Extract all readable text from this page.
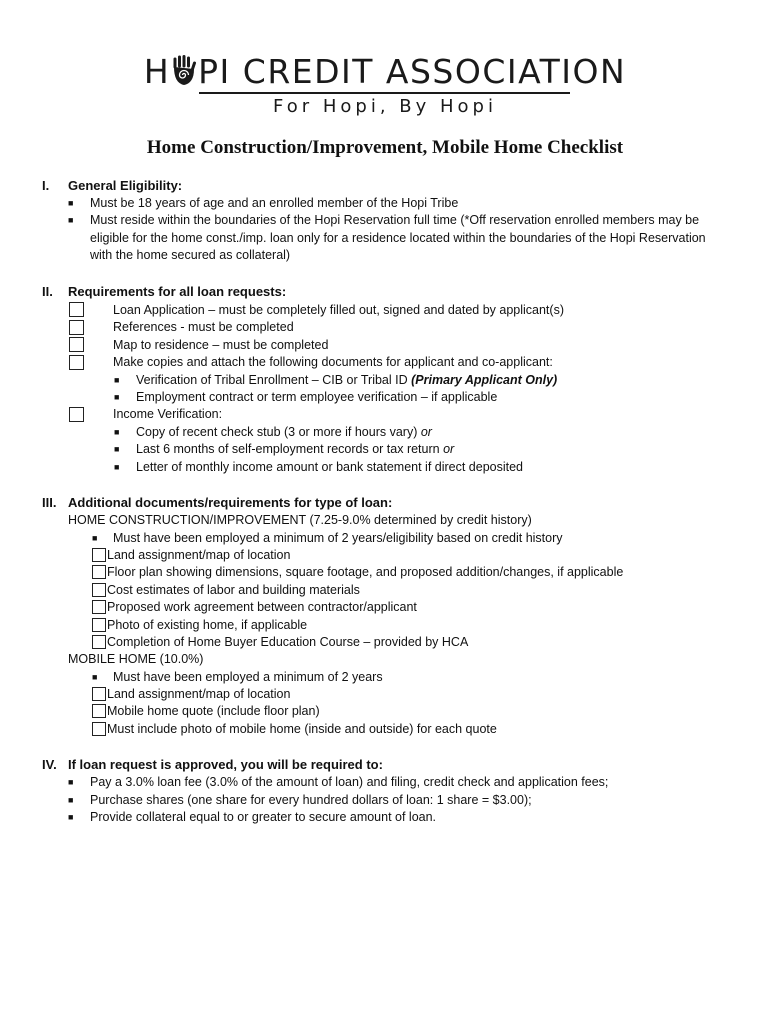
H PI CREDIT ASSOCIATION
For Hopi, By Hopi
Home Construction/Improvement, Mobile Home Checklist
I.	General Eligibility:
■	Must be 18 years of age and an enrolled member of the Hopi Tribe
■	Must reside within the boundaries of the Hopi Reservation full time (*Off reservation enrolled members may be
eligible for the home const./imp. loan only for a residence located within the boundaries of the Hopi Reservation
with the home secured as collateral)
II.	Requirements for all loan requests:
Loan Application – must be completely filled out, signed and dated by applicant(s)
References - must be completed
Map to residence – must be completed
Make copies and attach the following documents for applicant and co-applicant:
■	Verification of Tribal Enrollment – CIB or Tribal ID (Primary Applicant Only)
■	Employment contract or term employee verification – if applicable
Income Verification:
■	Copy of recent check stub (3 or more if hours vary) or
■	Last 6 months of self-employment records or tax return or
■	Letter of monthly income amount or bank statement if direct deposited
III. Additional documents/requirements for type of loan:
HOME CONSTRUCTION/IMPROVEMENT (7.25-9.0% determined by credit history)
■	Must have been employed a minimum of 2 years/eligibility based on credit history
Land assignment/map of location
Floor plan showing dimensions, square footage, and proposed addition/changes, if applicable
Cost estimates of labor and building materials
Proposed work agreement between contractor/applicant
Photo of existing home, if applicable
Completion of Home Buyer Education Course – provided by HCA
MOBILE HOME (10.0%)
■	Must have been employed a minimum of 2 years
Land assignment/map of location
Mobile home quote (include floor plan)
Must include photo of mobile home (inside and outside) for each quote
IV. If loan request is approved, you will be required to:
■	Pay a 3.0% loan fee (3.0% of the amount of loan) and filing, credit check and application fees;
■	Purchase shares (one share for every hundred dollars of loan: 1 share = $3.00);
■	Provide collateral equal to or greater to secure amount of loan.
